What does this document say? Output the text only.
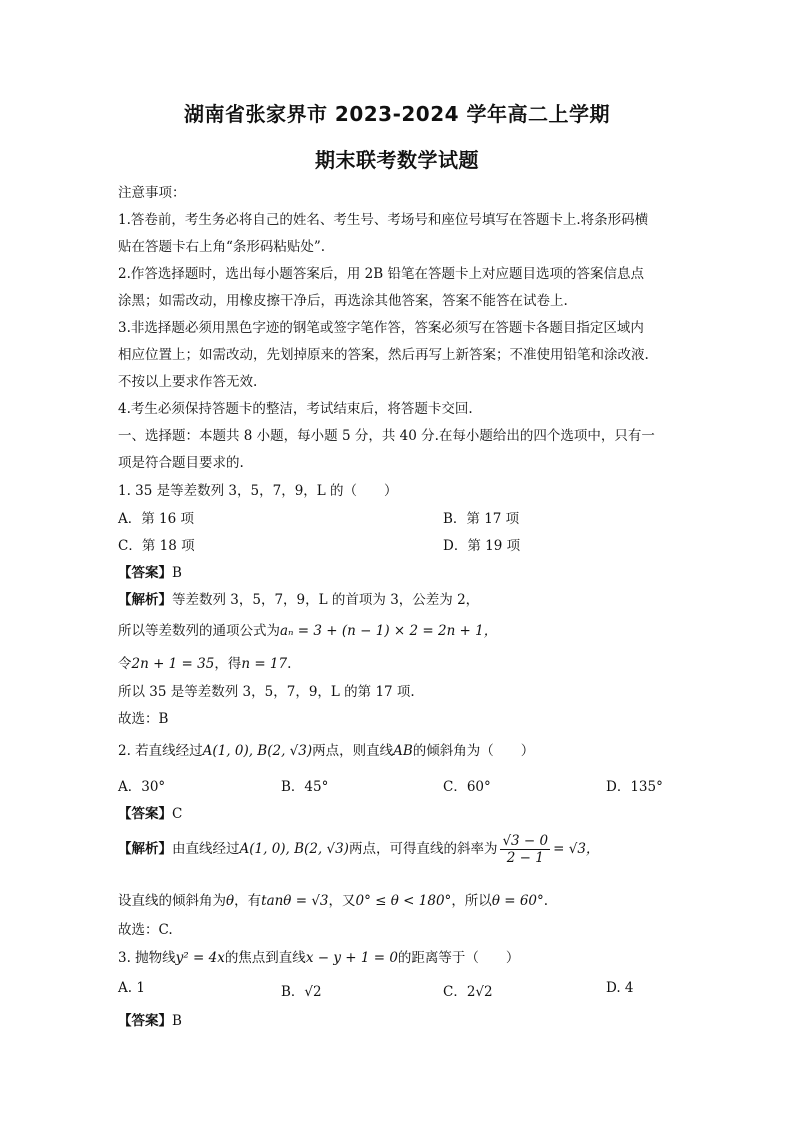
湖南省张家界市 2023-2024 学年高二上学期
期末联考数学试题
注意事项：
1.答卷前，考生务必将自己的姓名、考生号、考场号和座位号填写在答题卡上.将条形码横
贴在答题卡右上角“条形码粘贴处”.
2.作答选择题时，选出每小题答案后，用 2B 铅笔在答题卡上对应题目选项的答案信息点
涂黑；如需改动，用橡皮擦干净后，再选涂其他答案，答案不能答在试卷上.
3.非选择题必须用黑色字迹的钢笔或签字笔作答，答案必须写在答题卡各题目指定区域内
相应位置上；如需改动，先划掉原来的答案，然后再写上新答案；不准使用铅笔和涂改液.
不按以上要求作答无效.
4.考生必须保持答题卡的整洁，考试结束后，将答题卡交回.
一、选择题：本题共 8 小题，每小题 5 分，共 40 分.在每小题给出的四个选项中，只有一
项是符合题目要求的.
1. 35 是等差数列 3，5，7，9，L 的（　　）
A．第 16 项	B．第 17 项
C．第 18 项	D．第 19 项
【答案】B
【解析】等差数列 3，5，7，9，L 的首项为 3，公差为 2，
所以等差数列的通项公式为aₙ = 3 + (n − 1) × 2 = 2n + 1，
令2n + 1 = 35，得n = 17.
所以 35 是等差数列 3，5，7，9，L 的第 17 项.
故选：B
2. 若直线经过A(1, 0), B(2, √3)两点，则直线AB的倾斜角为（　　）
A．30°	B．45°	C．60°	D．135°
【答案】C
【解析】由直线经过A(1, 0), B(2, √3)两点，可得直线的斜率为 $\frac{√3 - 0}{2 - 1} = √3$，
设直线的倾斜角为θ，有tanθ = √3，又0° ≤ θ < 180°，所以θ = 60°.
故选：C.
3. 抛物线y² = 4x的焦点到直线x − y + 1 = 0的距离等于（　　）
A. 1	B．√2	C．2√2	D. 4
【答案】B
